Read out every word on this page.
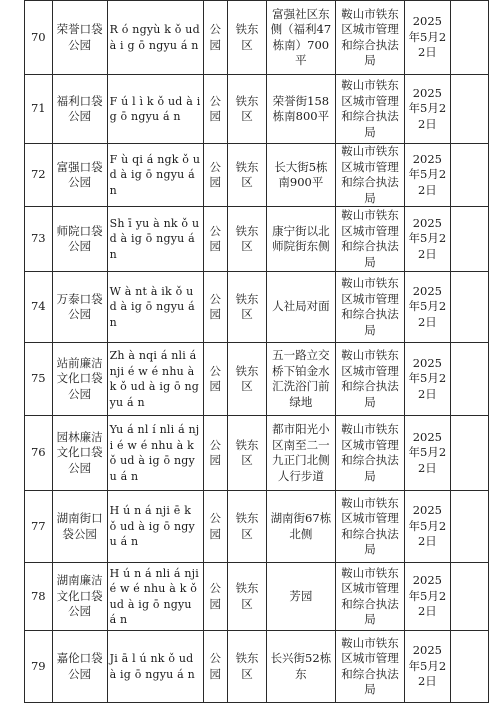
70	荣誉口袋公园	R ó ngyù k ǒ ud à i g ō ngyu á n	公园	铁东区	富强社区东侧（福利47栋南）700平	鞍山市铁东区城市管理和综合执法局	2025年5月22日	
71	福利口袋公园	F ú l ì k ǒ ud à ig ō ngyu á n	公园	铁东区	荣誉街158栋南800平	鞍山市铁东区城市管理和综合执法局	2025年5月22日	
72	富强口袋公园	F ù qi á ngk ǒ ud à ig ō ngyu á n	公园	铁东区	长大街5栋南900平	鞍山市铁东区城市管理和综合执法局	2025年5月22日	
73	师院口袋公园	Sh ī yu à nk ǒ ud à ig ō ngyu á n	公园	铁东区	康宁街以北师院街东侧	鞍山市铁东区城市管理和综合执法局	2025年5月22日	
74	万泰口袋公园	W à nt à ik ǒ ud à ig ō ngyu á n	公园	铁东区	人社局对面	鞍山市铁东区城市管理和综合执法局	2025年5月22日	
75	站前廉洁文化口袋公园	Zh à nqi á nli á nji é w é nhu à k ǒ ud à ig ō ngyu á n	公园	铁东区	五一路立交桥下铂金水汇洗浴门前绿地	鞍山市铁东区城市管理和综合执法局	2025年5月22日	
76	园林廉洁文化口袋公园	Yu á nl í nli á nji é w é nhu à k ǒ ud à ig ō ngyu á n	公园	铁东区	都市阳光小区南至二一九正门北侧人行步道	鞍山市铁东区城市管理和综合执法局	2025年5月22日	
77	湖南街口袋公园	H ú n á nji ē k ǒ ud à ig ō ngyu á n	公园	铁东区	湖南街67栋北侧	鞍山市铁东区城市管理和综合执法局	2025年5月22日	
78	湖南廉洁文化口袋公园	H ú n á nli á nji é w é nhu à k ǒ ud à ig ō ngyu á n	公园	铁东区	芳园	鞍山市铁东区城市管理和综合执法局	2025年5月22日	
79	嘉伦口袋公园	Ji ā l ú nk ǒ ud à ig ō ngyu á n	公园	铁东区	长兴街52栋东	鞍山市铁东区城市管理和综合执法局	2025年5月22日	
